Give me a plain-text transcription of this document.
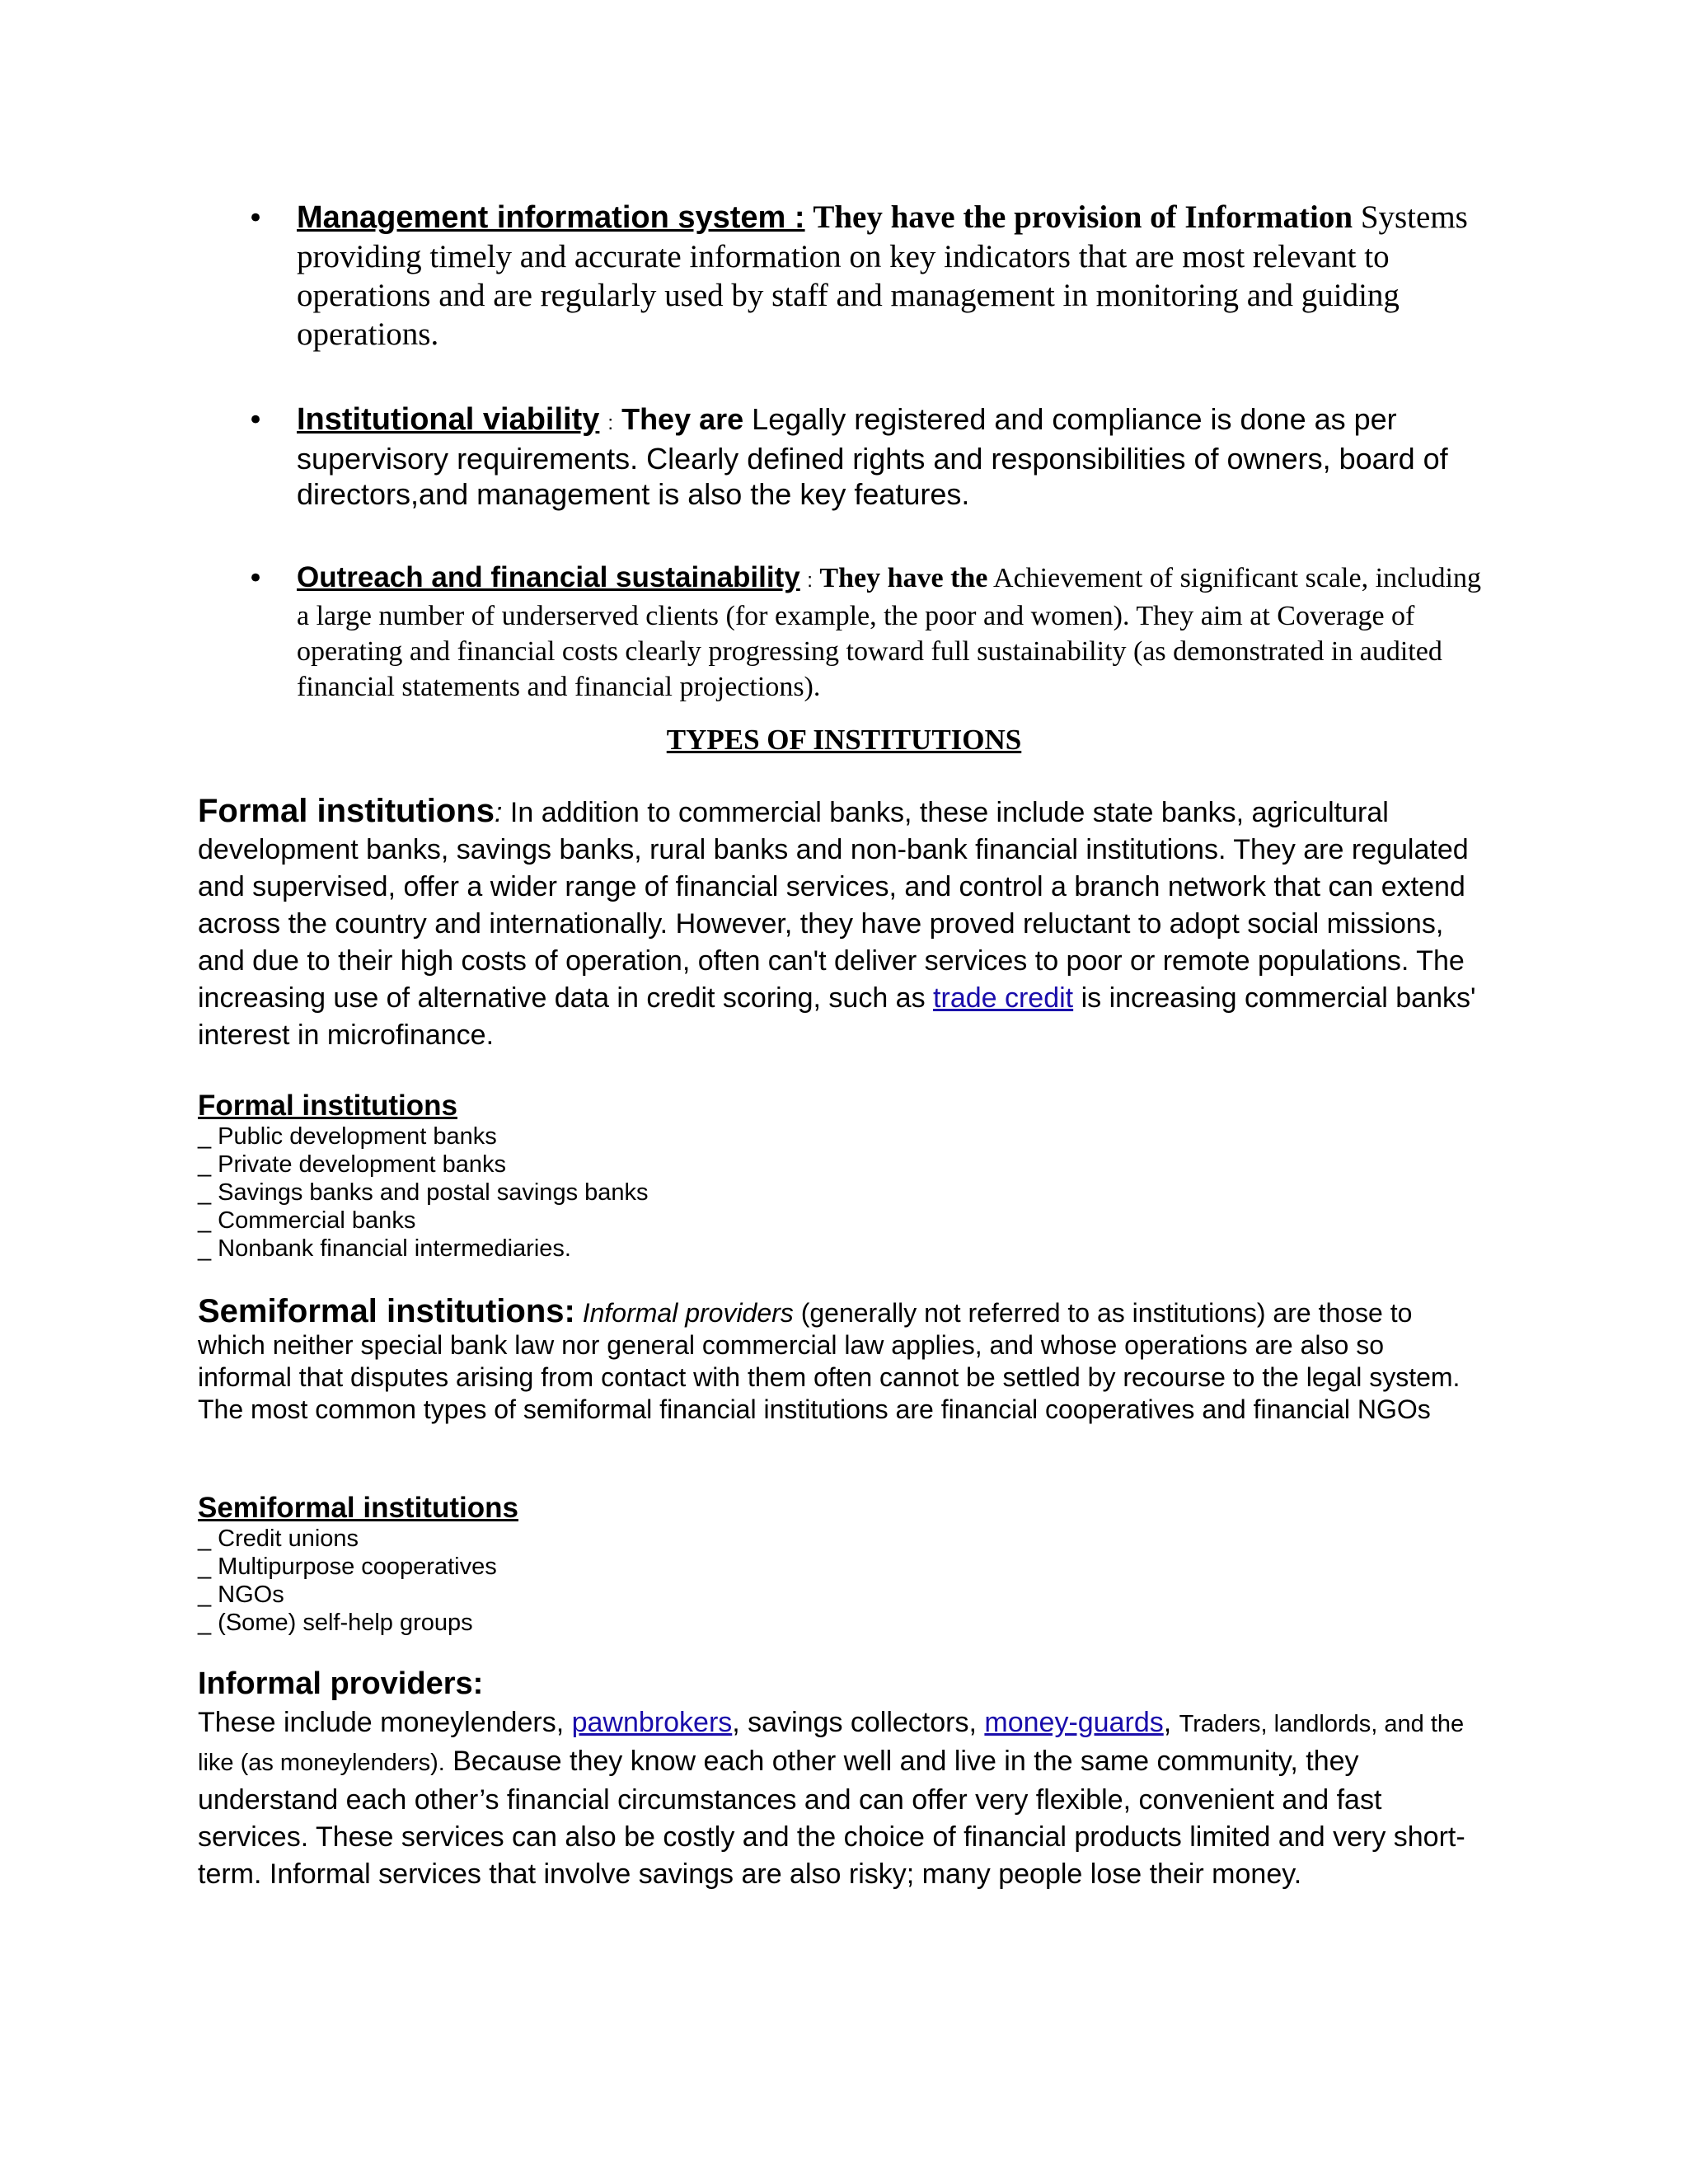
• Management information system : They have the provision of Information Systems providing timely and accurate information on key indicators that are most relevant to operations and are regularly used by staff and management in monitoring and guiding operations.
• Institutional viability : They are Legally registered and compliance is done as per supervisory requirements. Clearly defined rights and responsibilities of owners, board of directors,and management is also the key features.
• Outreach and financial sustainability : They have the Achievement of significant scale, including a large number of underserved clients (for example, the poor and women). They aim at Coverage of operating and financial costs clearly progressing toward full sustainability (as demonstrated in audited financial statements and financial projections).
TYPES OF INSTITUTIONS

Formal institutions: In addition to commercial banks, these include state banks, agricultural development banks, savings banks, rural banks and non-bank financial institutions. They are regulated and supervised, offer a wider range of financial services, and control a branch network that can extend across the country and internationally. However, they have proved reluctant to adopt social missions, and due to their high costs of operation, often can't deliver services to poor or remote populations. The increasing use of alternative data in credit scoring, such as trade credit is increasing commercial banks' interest in microfinance.

Formal institutions
_ Public development banks
_ Private development banks
_ Savings banks and postal savings banks
_ Commercial banks
_ Nonbank financial intermediaries.

Semiformal institutions: Informal providers (generally not referred to as institutions) are those to which neither special bank law nor general commercial law applies, and whose operations are also so informal that disputes arising from contact with them often cannot be settled by recourse to the legal system. The most common types of semiformal financial institutions are financial cooperatives and financial NGOs

Semiformal institutions
_ Credit unions
_ Multipurpose cooperatives
_ NGOs
_ (Some) self-help groups
Informal providers:

These include moneylenders, pawnbrokers, savings collectors, money-guards, Traders, landlords, and the like (as moneylenders). Because they know each other well and live in the same community, they understand each other’s financial circumstances and can offer very flexible, convenient and fast services. These services can also be costly and the choice of financial products limited and very short-term. Informal services that involve savings are also risky; many people lose their money.
